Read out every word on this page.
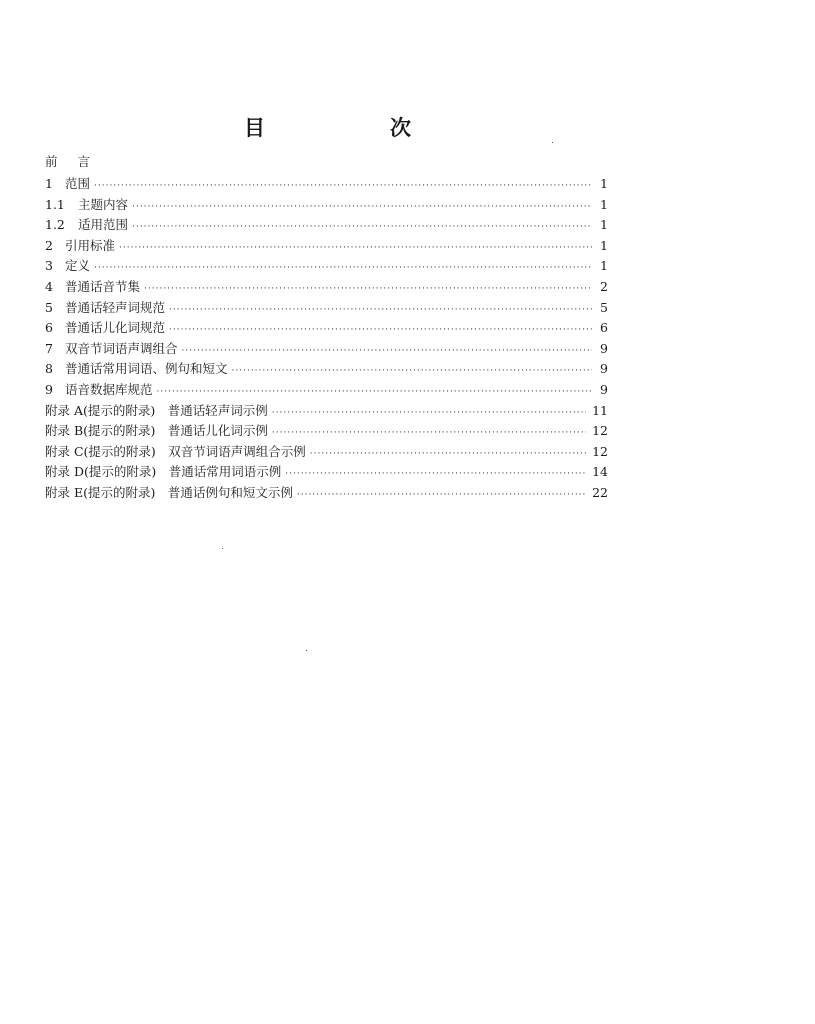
目　次
前 言
1 范围 ·····	1
1.1	主题内容 ·····	1
1.2	适用范围 ·····	1
2 引用标准 ·····	1
3 定义 ·····	1
4 普通话音节集 ·····	2
5 普通话轻声词规范 ·····	5
6 普通话儿化词规范 ·····	6
7 双音节词语声调组合 ·····	9
8 普通话常用词语、例句和短文 ·····	9
9 语音数据库规范 ·····	9
附录 A(提示的附录)　普通话轻声词示例 ·····	11
附录 B(提示的附录)　普通话儿化词示例 ·····	12
附录 C(提示的附录)　双音节词语声调组合示例 ·····	12
附录 D(提示的附录)　普通话常用词语示例 ·····	14
附录 E(提示的附录)　普通话例句和短文示例 ·····	22
